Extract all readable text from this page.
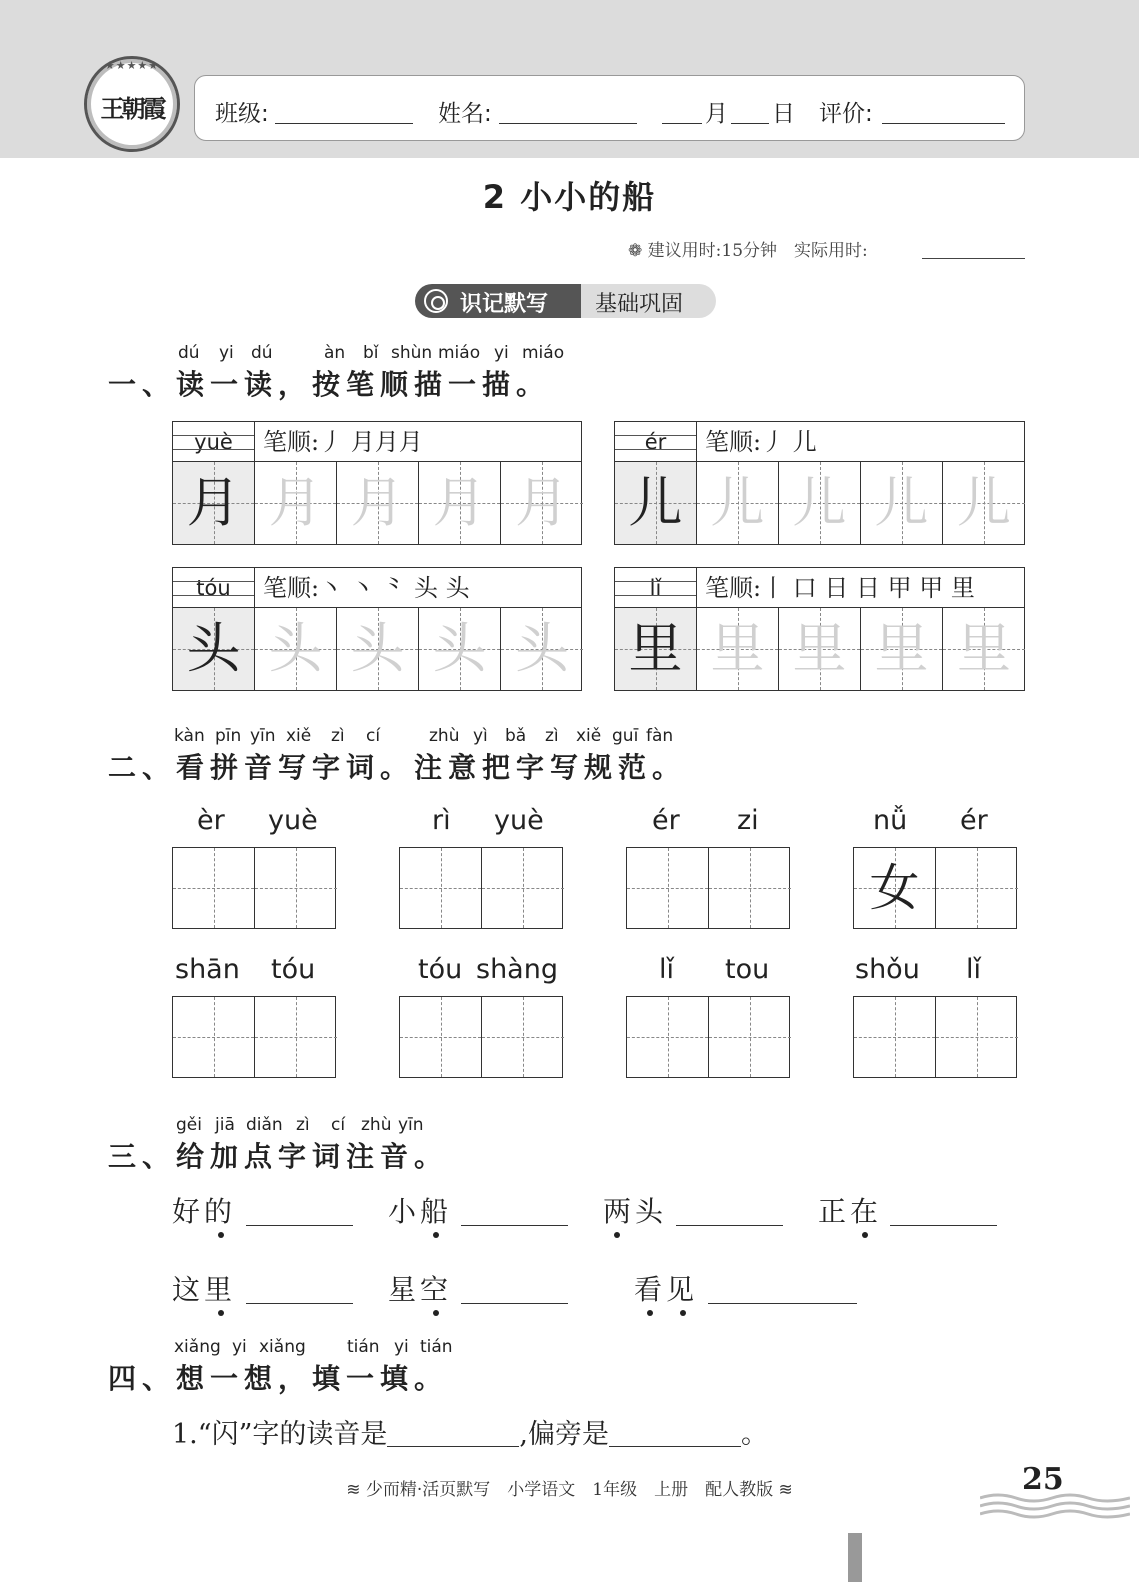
★★★★★
王朝霞	班级:	姓名:	月 日 评价:
2 小小的船
❁ 建议用时:15分钟　实际用时:
基础巩固
识记默写
dú yi dú	àn bǐ shùn miáo yi miáo
一、读一读，按笔顺描一描。
yuè	笔顺:丿 月月月
月 月 月 月 月
ér	笔顺:丿 儿
儿 儿 儿 儿 儿
tóu	笔顺:丶 丶 ⺀ 头 头
头 头 头 头 头
lǐ	笔顺:丨 口 日 日 甲 甲 里
里 里 里 里 里
kàn pīn yīn xiě zì cí	zhù yì bǎ zì xiě guī fàn
二、看拼音写字词。注意把字写规范。
èr yuè	rì yuè	ér zi	nǚ ér
女
shān tóu	tóu shàng	lǐ tou	shǒu lǐ
gěi jiā diǎn zì cí zhù yīn
三、给加点字词注音。
好的	小船	两头	正在
这里	星空	看见
xiǎng yi xiǎng tián yi tián
四、想一想，填一填。
1.“闪”字的读音是	,偏旁是	。
≋ 少而精·活页默写　小学语文　1年级　上册　配人教版 ≋	25
